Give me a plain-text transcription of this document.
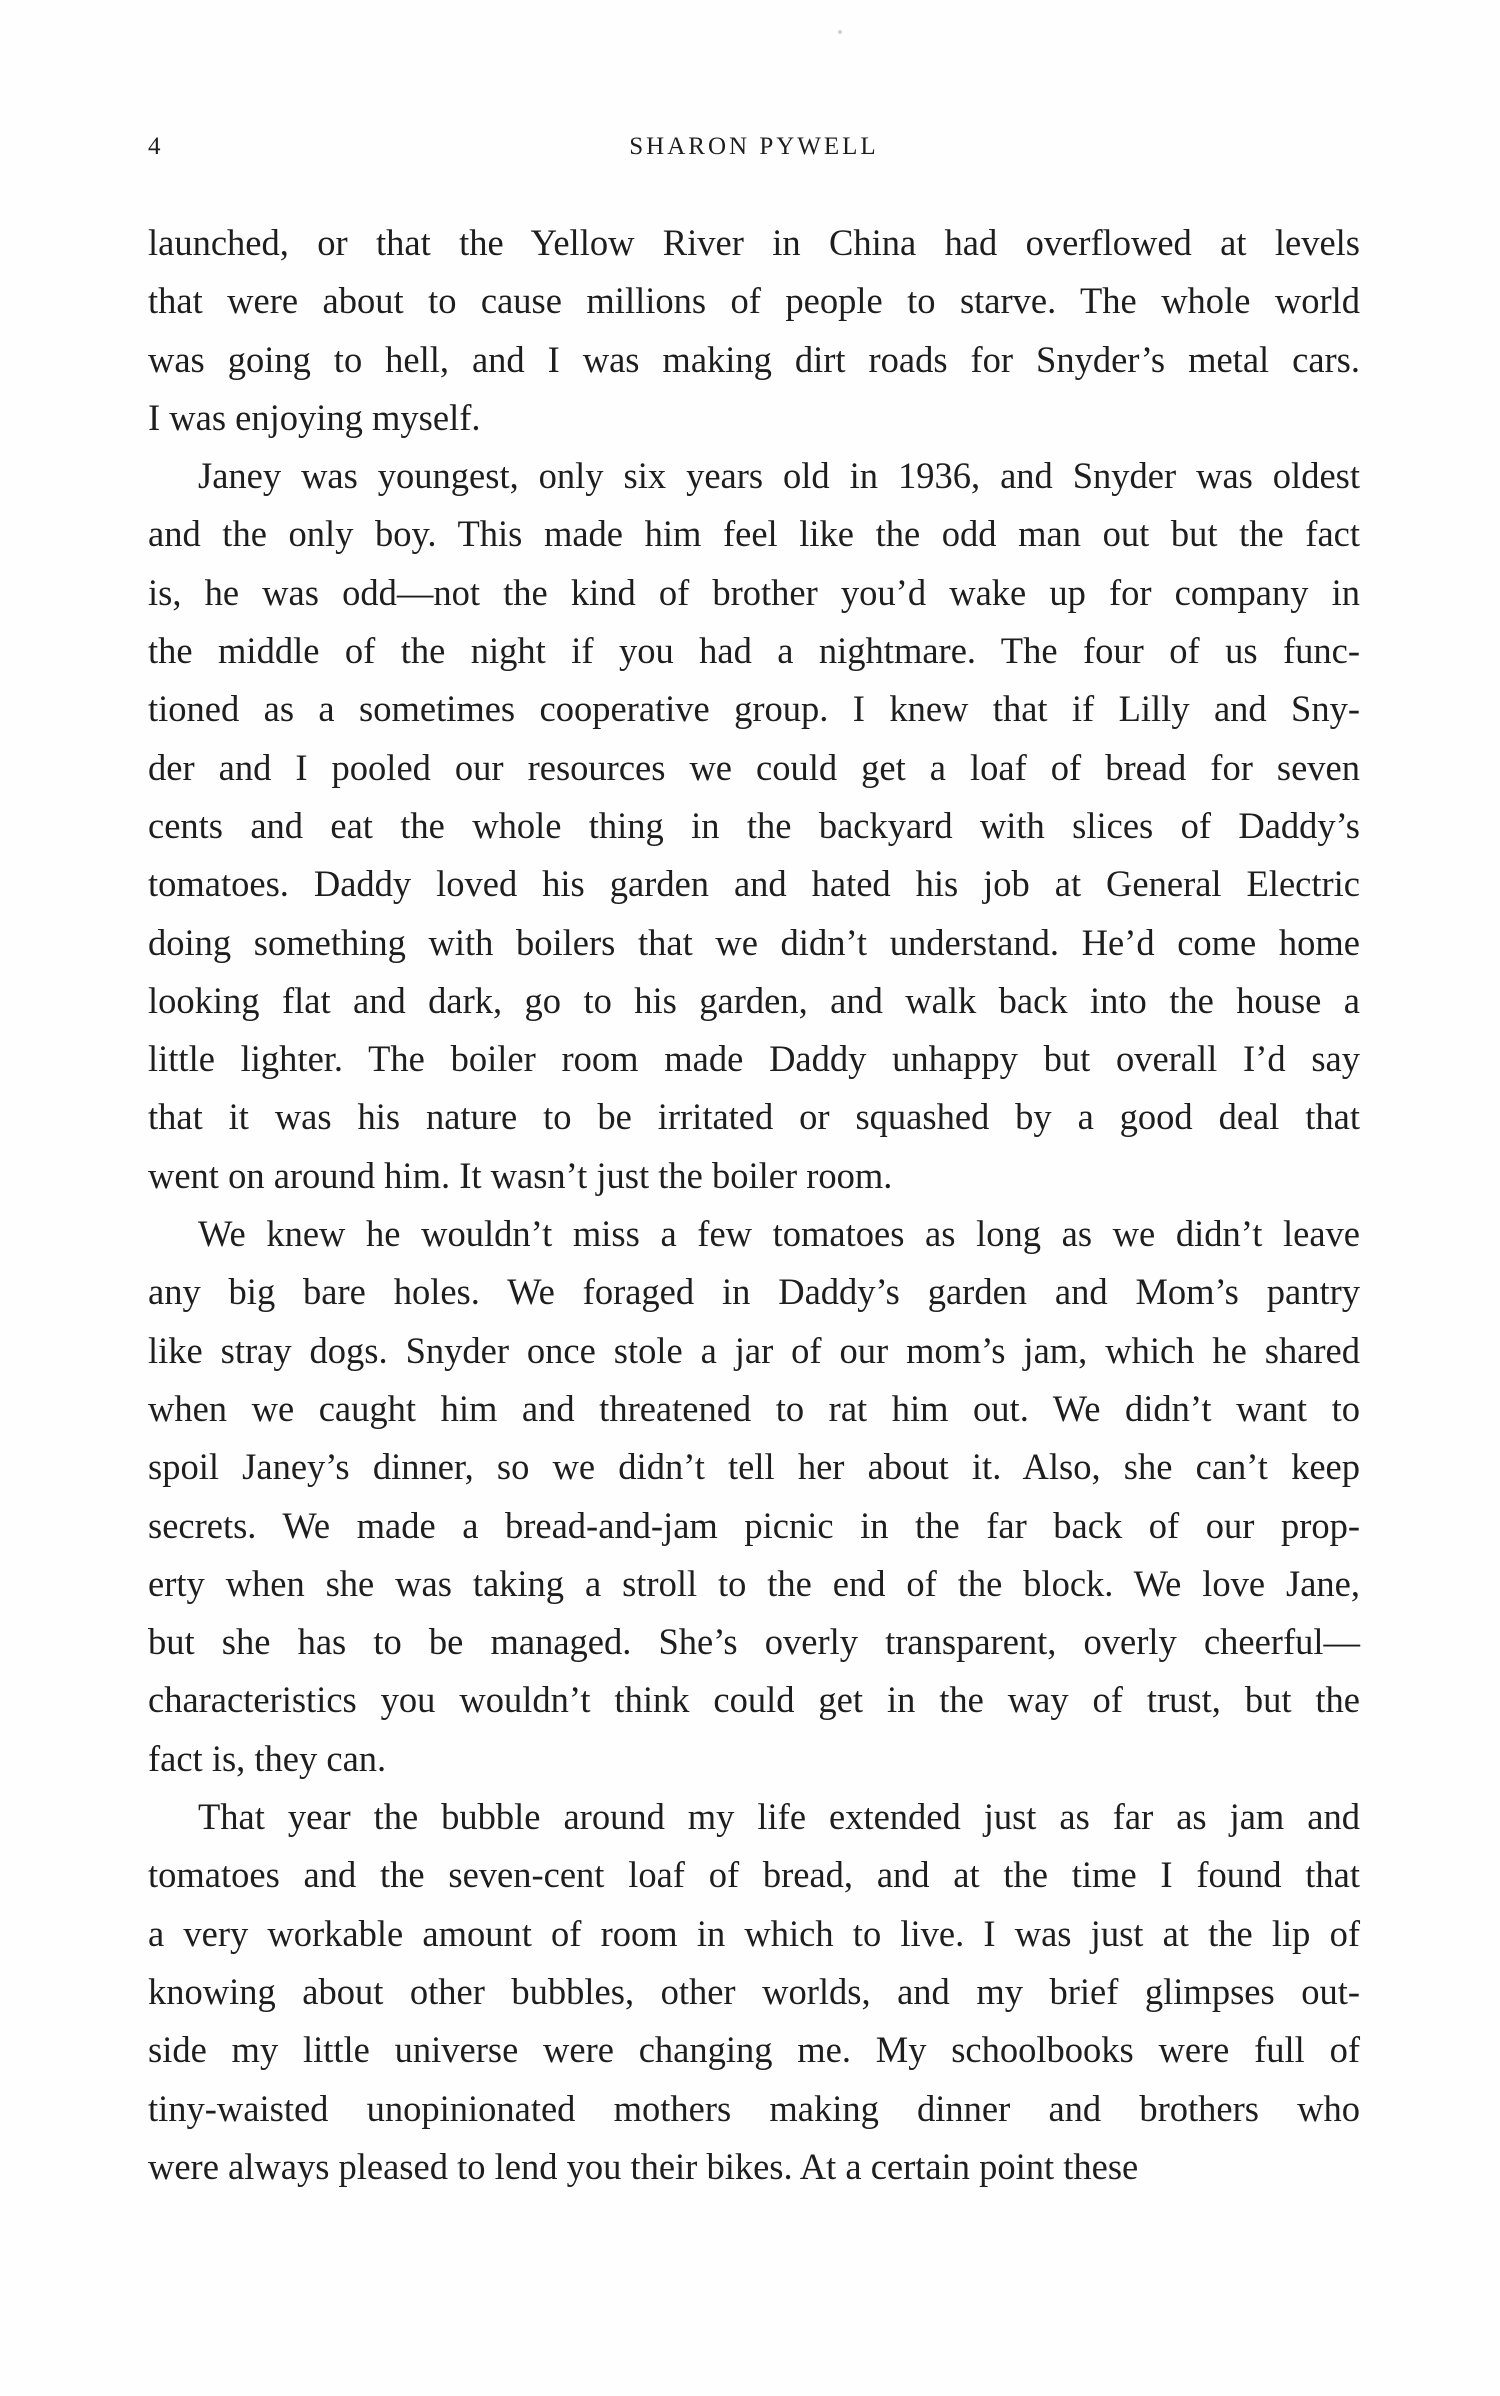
4	SHARON PYWELL

launched, or that the Yellow River in China had overflowed at levels

that were about to cause millions of people to starve. The whole world

was going to hell, and I was making dirt roads for Snyder’s metal cars.

I was enjoying myself.

Janey was youngest, only six years old in 1936, and Snyder was oldest

and the only boy. This made him feel like the odd man out but the fact

is, he was odd—not the kind of brother you’d wake up for company in

the middle of the night if you had a nightmare. The four of us func-

tioned as a sometimes cooperative group. I knew that if Lilly and Sny-

der and I pooled our resources we could get a loaf of bread for seven

cents and eat the whole thing in the backyard with slices of Daddy’s

tomatoes. Daddy loved his garden and hated his job at General Electric

doing something with boilers that we didn’t understand. He’d come home

looking flat and dark, go to his garden, and walk back into the house a

little lighter. The boiler room made Daddy unhappy but overall I’d say

that it was his nature to be irritated or squashed by a good deal that

went on around him. It wasn’t just the boiler room.

We knew he wouldn’t miss a few tomatoes as long as we didn’t leave

any big bare holes. We foraged in Daddy’s garden and Mom’s pantry

like stray dogs. Snyder once stole a jar of our mom’s jam, which he shared

when we caught him and threatened to rat him out. We didn’t want to

spoil Janey’s dinner, so we didn’t tell her about it. Also, she can’t keep

secrets. We made a bread-and-jam picnic in the far back of our prop-

erty when she was taking a stroll to the end of the block. We love Jane,

but she has to be managed. She’s overly transparent, overly cheerful—

characteristics you wouldn’t think could get in the way of trust, but the

fact is, they can.

That year the bubble around my life extended just as far as jam and

tomatoes and the seven-cent loaf of bread, and at the time I found that

a very workable amount of room in which to live. I was just at the lip of

knowing about other bubbles, other worlds, and my brief glimpses out-

side my little universe were changing me. My schoolbooks were full of

tiny-waisted unopinionated mothers making dinner and brothers who

were always pleased to lend you their bikes. At a certain point these
